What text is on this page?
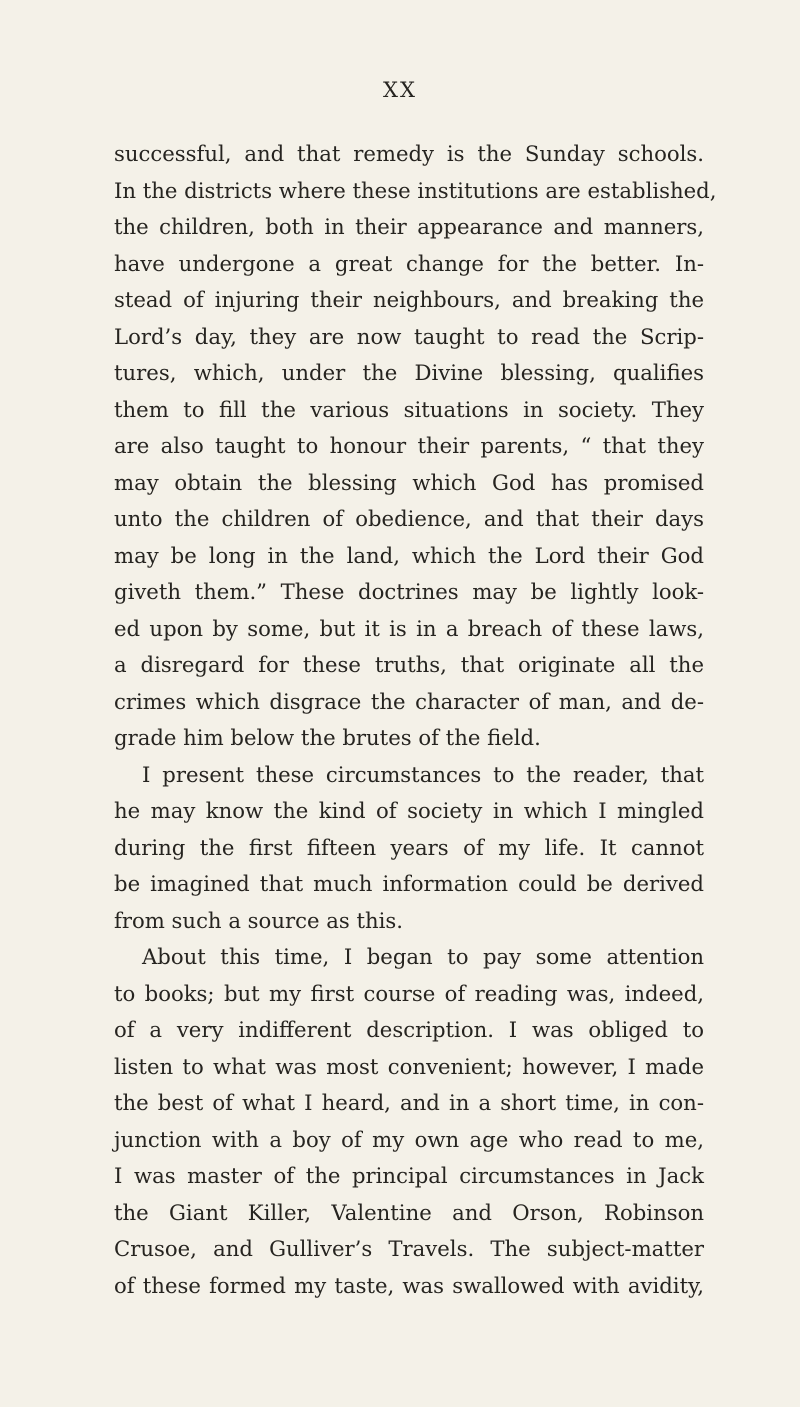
XX
successful, and that remedy is the Sunday schools.
In the districts where these institutions are established,
the children, both in their appearance and manners,
have undergone a great change for the better. In-
stead of injuring their neighbours, and breaking the
Lord’s day, they are now taught to read the Scrip-
tures, which, under the Divine blessing, qualifies
them to fill the various situations in society. They
are also taught to honour their parents, “ that they
may obtain the blessing which God has promised
unto the children of obedience, and that their days
may be long in the land, which the Lord their God
giveth them.” These doctrines may be lightly look-
ed upon by some, but it is in a breach of these laws,
a disregard for these truths, that originate all the
crimes which disgrace the character of man, and de-
grade him below the brutes of the field.
I present these circumstances to the reader, that
he may know the kind of society in which I mingled
during the first fifteen years of my life. It cannot
be imagined that much information could be derived
from such a source as this.
About this time, I began to pay some attention
to books; but my first course of reading was, indeed,
of a very indifferent description. I was obliged to
listen to what was most convenient; however, I made
the best of what I heard, and in a short time, in con-
junction with a boy of my own age who read to me,
I was master of the principal circumstances in Jack
the Giant Killer, Valentine and Orson, Robinson
Crusoe, and Gulliver’s Travels. The subject-matter
of these formed my taste, was swallowed with avidity,
